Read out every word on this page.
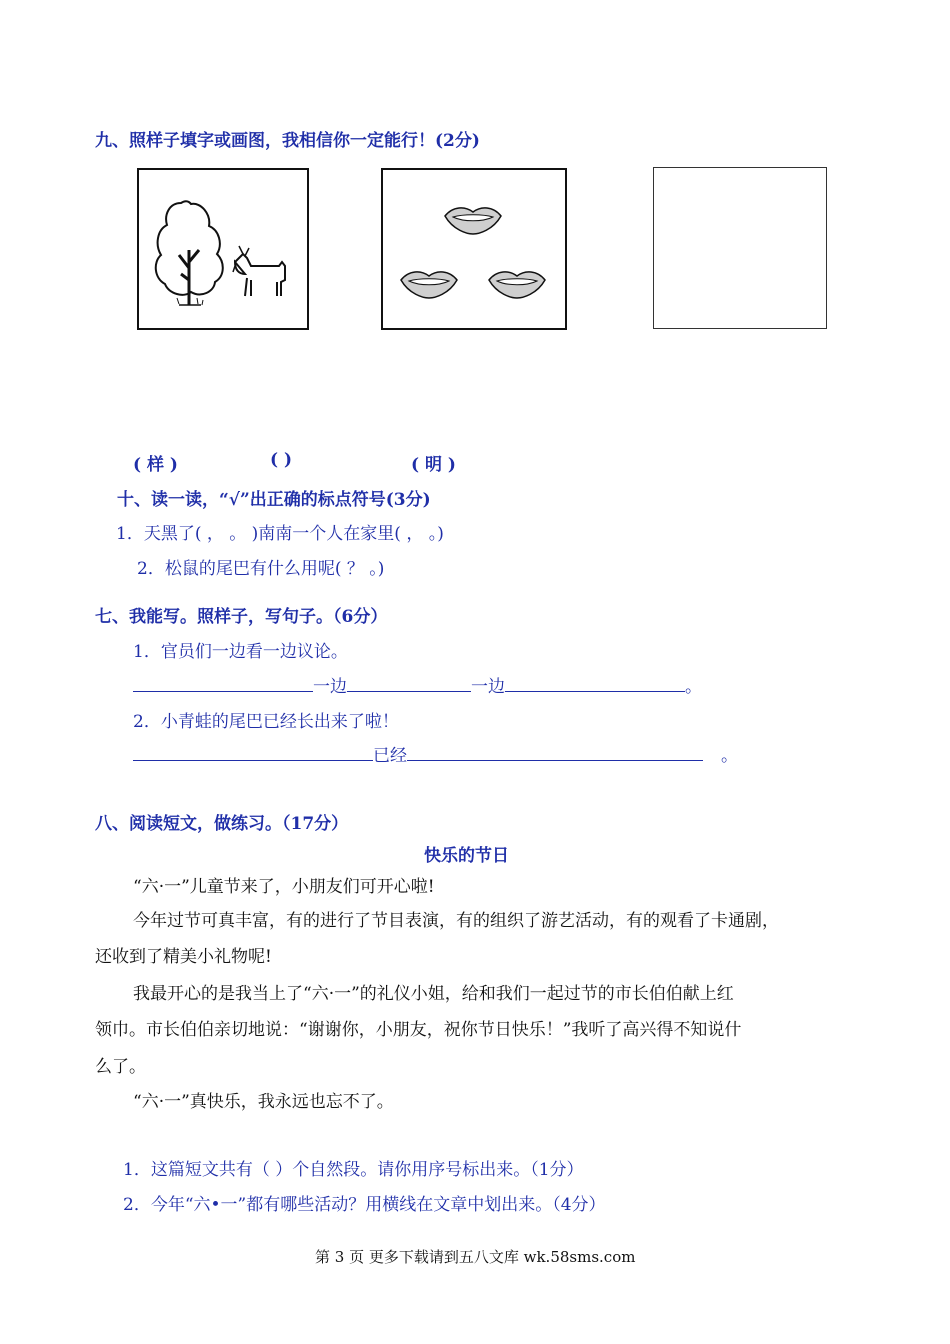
九、照样子填字或画图，我相信你一定能行！(2分)
( 样 )	( )	( 明 )
十、读一读，“√”出正确的标点符号(3分)
1．天黑了( ， 。 )南南一个人在家里( ， 。)
2．松鼠的尾巴有什么用呢( ？ 。)
七、我能写。照样子，写句子。（6分）
1．官员们一边看一边议论。
一边	一边	。
2．小青蛙的尾巴已经长出来了啦！
已经	。
八、阅读短文，做练习。（17分）
快乐的节日
“六·一”儿童节来了，小朋友们可开心啦!
今年过节可真丰富，有的进行了节目表演，有的组织了游艺活动，有的观看了卡通剧，
还收到了精美小礼物呢!
我最开心的是我当上了“六·一”的礼仪小姐，给和我们一起过节的市长伯伯献上红
领巾。市长伯伯亲切地说：“谢谢你，小朋友，祝你节日快乐！”我听了高兴得不知说什
么了。
“六·一”真快乐，我永远也忘不了。
1．这篇短文共有（ ）个自然段。请你用序号标出来。（1分）
2．今年“六•一”都有哪些活动？用横线在文章中划出来。（4分）
第 3 页 更多下载请到五八文库 wk.58sms.com
